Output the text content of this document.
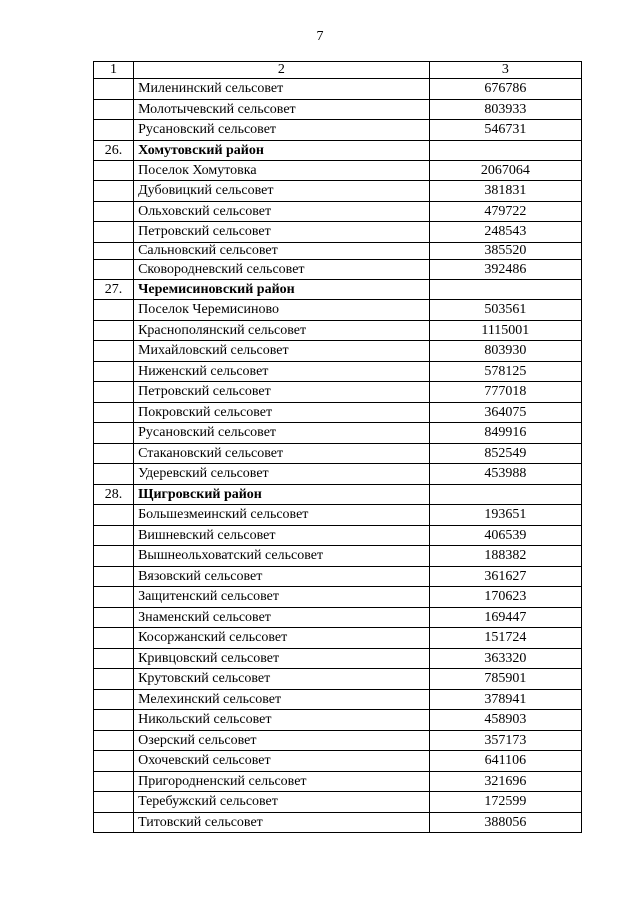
7
1	2	3
	Миленинский сельсовет	676786
	Молотычевский сельсовет	803933
	Русановский сельсовет	546731
26.	Хомутовский район	
	Поселок Хомутовка	2067064
	Дубовицкий сельсовет	381831
	Ольховский сельсовет	479722
	Петровский сельсовет	248543
	Сальновский сельсовет	385520
	Сковородневский сельсовет	392486
27.	Черемисиновский район	
	Поселок Черемисиново	503561
	Краснополянский сельсовет	1115001
	Михайловский сельсовет	803930
	Ниженский сельсовет	578125
	Петровский сельсовет	777018
	Покровский сельсовет	364075
	Русановский сельсовет	849916
	Стакановский сельсовет	852549
	Удеревский сельсовет	453988
28.	Щигровский район	
	Большезмеинский сельсовет	193651
	Вишневский сельсовет	406539
	Вышнеольховатский сельсовет	188382
	Вязовский сельсовет	361627
	Защитенский сельсовет	170623
	Знаменский сельсовет	169447
	Косоржанский сельсовет	151724
	Кривцовский сельсовет	363320
	Крутовский сельсовет	785901
	Мелехинский сельсовет	378941
	Никольский сельсовет	458903
	Озерский сельсовет	357173
	Охочевский сельсовет	641106
	Пригородненский сельсовет	321696
	Теребужский сельсовет	172599
	Титовский сельсовет	388056
